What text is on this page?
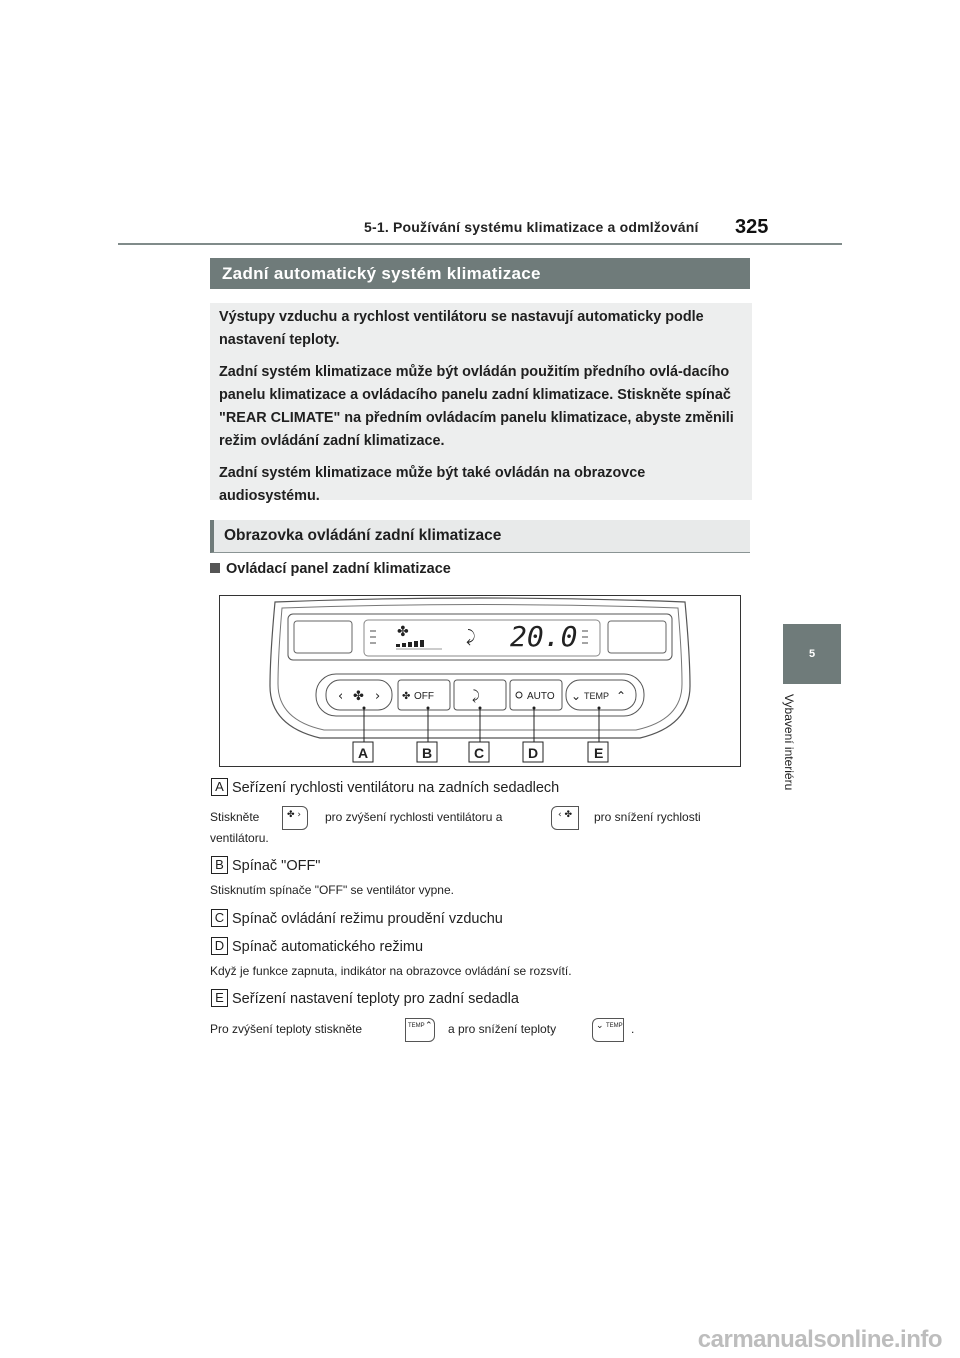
5-1. Používání systému klimatizace a odmlžování 325
5
Vybavení interiéru
Zadní automatický systém klimatizace

Výstupy vzduchu a rychlost ventilátoru se nastavují automaticky podle nastavení teploty.

Zadní systém klimatizace může být ovládán použitím předního ovlá-dacího panelu klimatizace a ovládacího panelu zadní klimatizace. Stiskněte spínač "REAR CLIMATE" na předním ovládacím panelu klimatizace, abyste změnili režim ovládání zadní klimatizace.

Zadní systém klimatizace může být také ovládán na obrazovce audiosystému.

Obrazovka ovládání zadní klimatizace
Ovládací panel zadní klimatizace
✤	⤸ 20.0
‹ ✤ › ✤ OFF	⤸	AUTO ⌄ TEMP ⌃
A	B	C	D	E
A Seřízení rychlosti ventilátoru na zadních sedadlech
Stiskněte	✤ › pro zvýšení rychlosti ventilátoru a	‹ ✤ pro snížení rychlosti
ventilátoru.
B Spínač "OFF"
Stisknutím spínače "OFF" se ventilátor vypne.
C Spínač ovládání režimu proudění vzduchu
D Spínač automatického režimu
Když je funkce zapnuta, indikátor na obrazovce ovládání se rozsvítí.
E Seřízení nastavení teploty pro zadní sedadla
Pro zvýšení teploty stiskněte	TEMP ⌃ a pro snížení teploty	⌄ TEMP .
carmanualsonline.info
